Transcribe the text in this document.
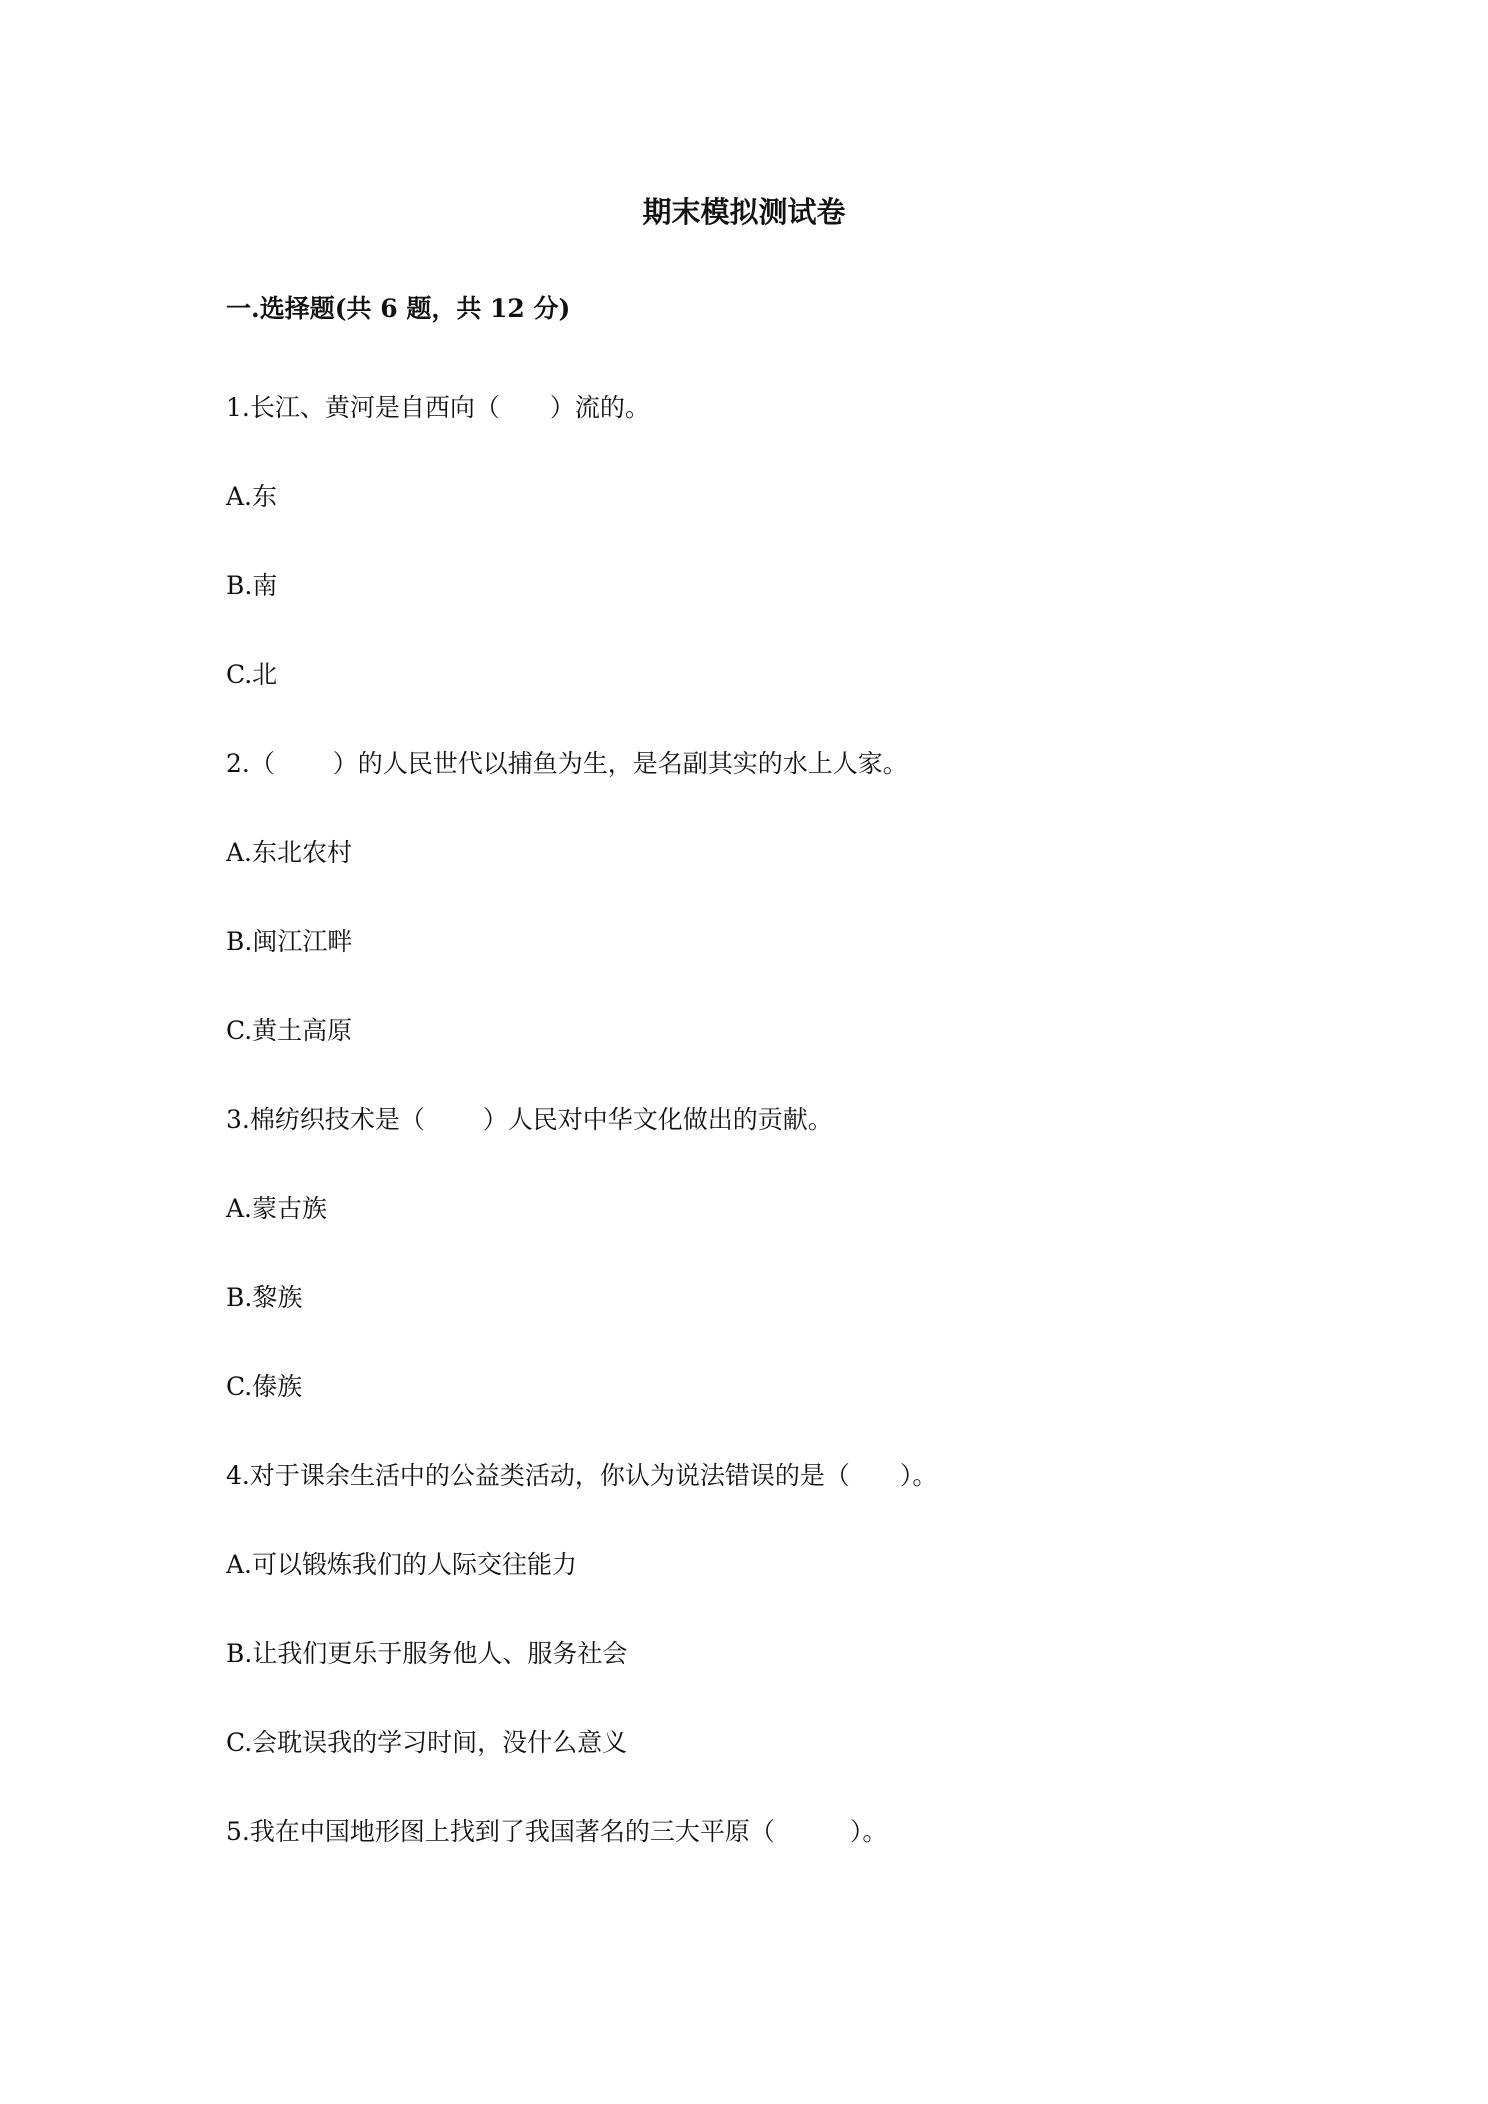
期末模拟测试卷
一.选择题(共 6 题，共 12 分)
1.长江、黄河是自西向（　　）流的。
A.东
B.南
C.北
2.（　　 ）的人民世代以捕鱼为生，是名副其实的水上人家。
A.东北农村
B.闽江江畔
C.黄土高原
3.棉纺织技术是（　　 ）人民对中华文化做出的贡献。
A.蒙古族
B.黎族
C.傣族
4.对于课余生活中的公益类活动，你认为说法错误的是（　　）。
A.可以锻炼我们的人际交往能力
B.让我们更乐于服务他人、服务社会
C.会耽误我的学习时间，没什么意义
5.我在中国地形图上找到了我国著名的三大平原（　　　）。
